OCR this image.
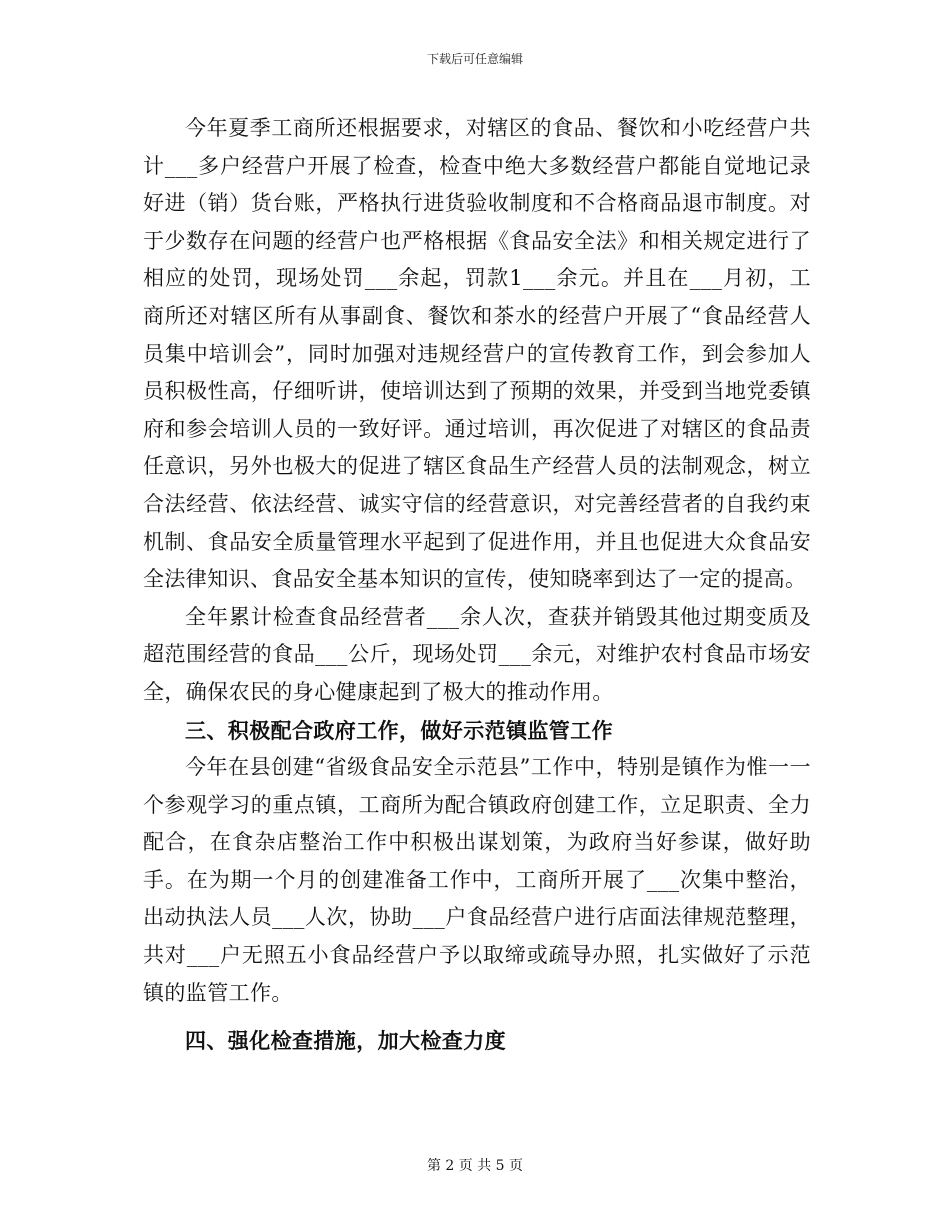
下载后可任意编辑

今年夏季工商所还根据要求，对辖区的食品、餐饮和小吃经营户共计___多户经营户开展了检查，检查中绝大多数经营户都能自觉地记录好进（销）货台账，严格执行进货验收制度和不合格商品退市制度。对于少数存在问题的经营户也严格根据《食品安全法》和相关规定进行了相应的处罚，现场处罚___余起，罚款1___余元。并且在___月初，工商所还对辖区所有从事副食、餐饮和茶水的经营户开展了“食品经营人员集中培训会”，同时加强对违规经营户的宣传教育工作，到会参加人员积极性高，仔细听讲，使培训达到了预期的效果，并受到当地党委镇府和参会培训人员的一致好评。通过培训，再次促进了对辖区的食品责任意识，另外也极大的促进了辖区食品生产经营人员的法制观念，树立合法经营、依法经营、诚实守信的经营意识，对完善经营者的自我约束机制、食品安全质量管理水平起到了促进作用，并且也促进大众食品安全法律知识、食品安全基本知识的宣传，使知晓率到达了一定的提高。

全年累计检查食品经营者___余人次，查获并销毁其他过期变质及超范围经营的食品___公斤，现场处罚___余元，对维护农村食品市场安全，确保农民的身心健康起到了极大的推动作用。

三、积极配合政府工作，做好示范镇监管工作

今年在县创建“省级食品安全示范县”工作中，特别是镇作为惟一一个参观学习的重点镇，工商所为配合镇政府创建工作，立足职责、全力配合，在食杂店整治工作中积极出谋划策，为政府当好参谋，做好助手。在为期一个月的创建准备工作中，工商所开展了___次集中整治，出动执法人员___人次，协助___户食品经营户进行店面法律规范整理，共对___户无照五小食品经营户予以取缔或疏导办照，扎实做好了示范镇的监管工作。

四、强化检查措施，加大检查力度

第 2 页 共 5 页
